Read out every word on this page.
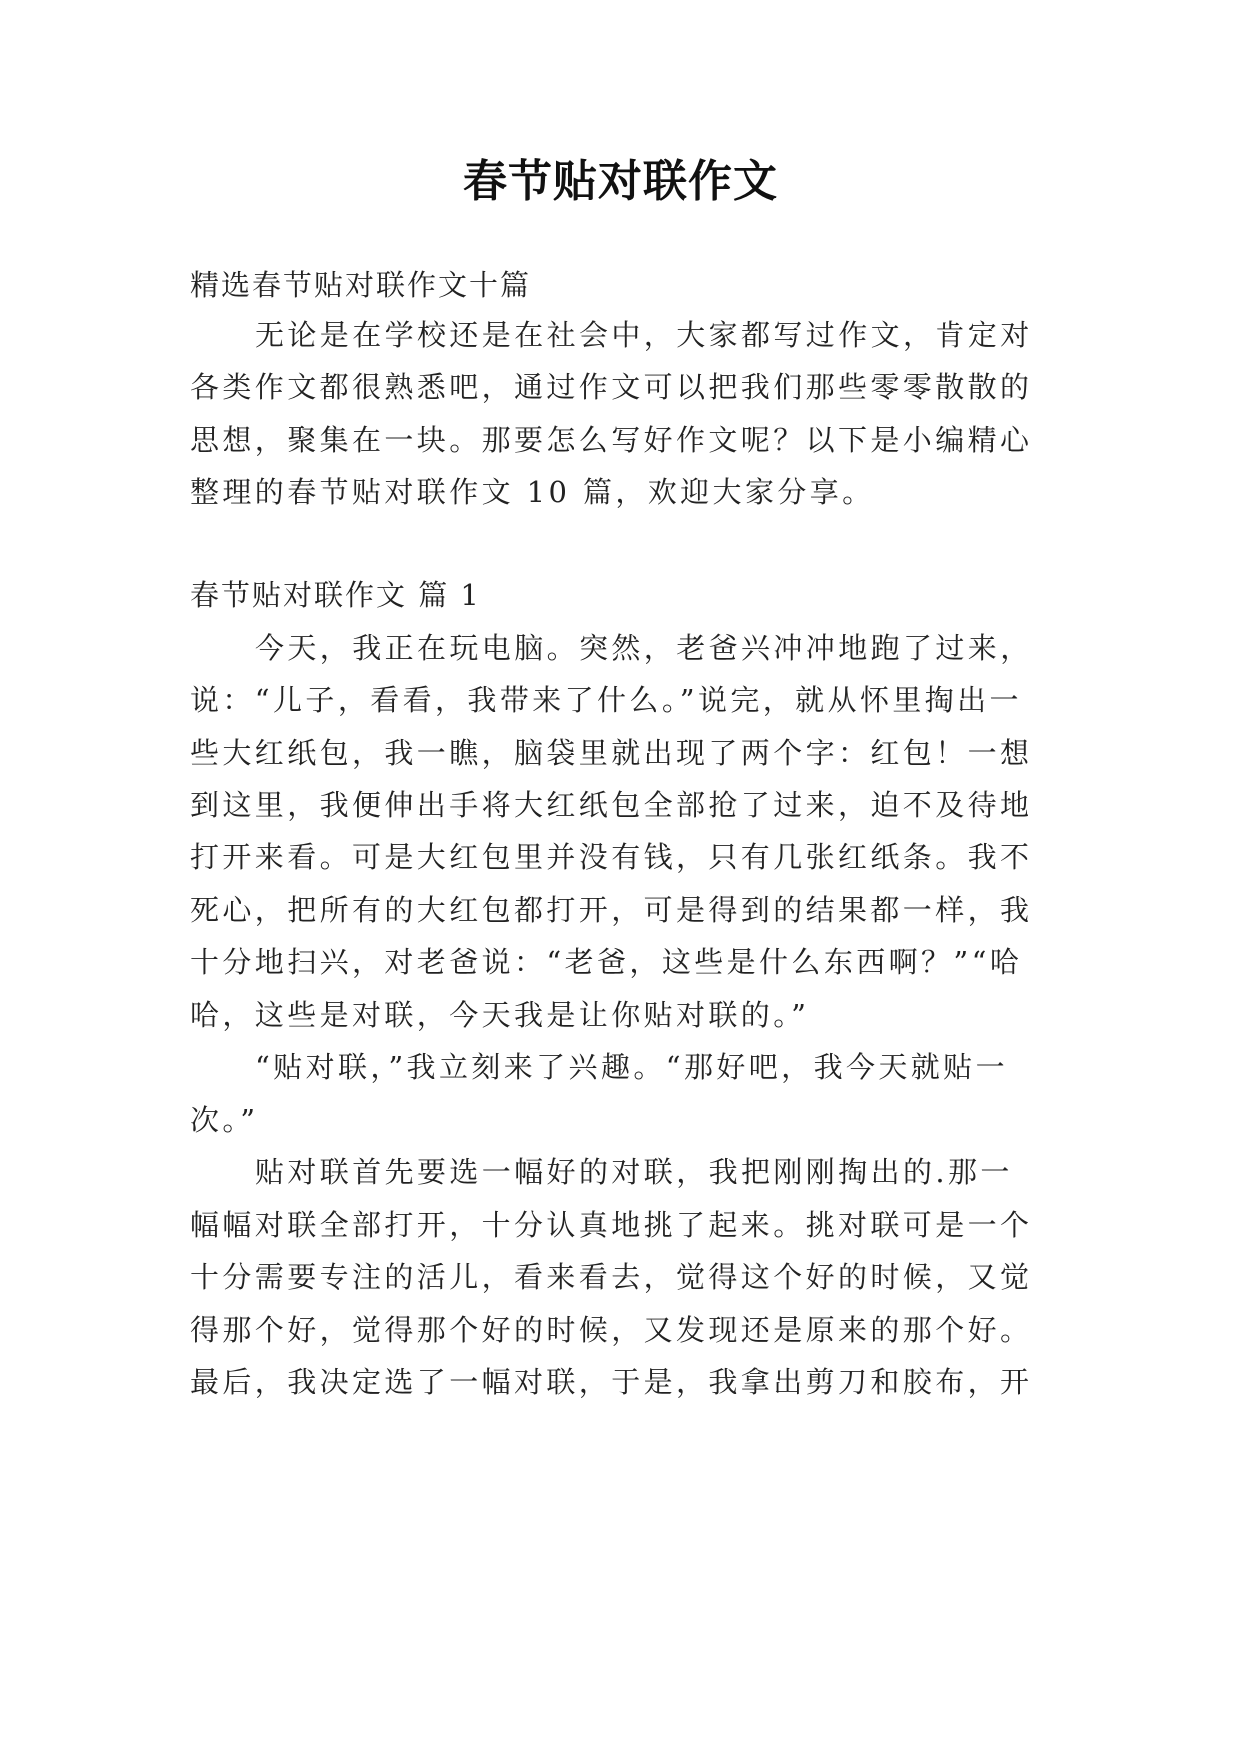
春节贴对联作文
精选春节贴对联作文十篇
无论是在学校还是在社会中，大家都写过作文，肯定对
各类作文都很熟悉吧，通过作文可以把我们那些零零散散的
思想，聚集在一块。那要怎么写好作文呢？以下是小编精心
整理的春节贴对联作文 10 篇，欢迎大家分享。
春节贴对联作文 篇 1
今天，我正在玩电脑。突然，老爸兴冲冲地跑了过来，
说：“儿子，看看，我带来了什么。”说完，就从怀里掏出一
些大红纸包，我一瞧，脑袋里就出现了两个字：红包！一想
到这里，我便伸出手将大红纸包全部抢了过来，迫不及待地
打开来看。可是大红包里并没有钱，只有几张红纸条。我不
死心，把所有的大红包都打开，可是得到的结果都一样，我
十分地扫兴，对老爸说：“老爸，这些是什么东西啊？”“哈
哈，这些是对联，今天我是让你贴对联的。”
“贴对联，”我立刻来了兴趣。“那好吧，我今天就贴一
次。”
贴对联首先要选一幅好的对联，我把刚刚掏出的.那一
幅幅对联全部打开，十分认真地挑了起来。挑对联可是一个
十分需要专注的活儿，看来看去，觉得这个好的时候，又觉
得那个好，觉得那个好的时候，又发现还是原来的那个好。
最后，我决定选了一幅对联，于是，我拿出剪刀和胶布，开
